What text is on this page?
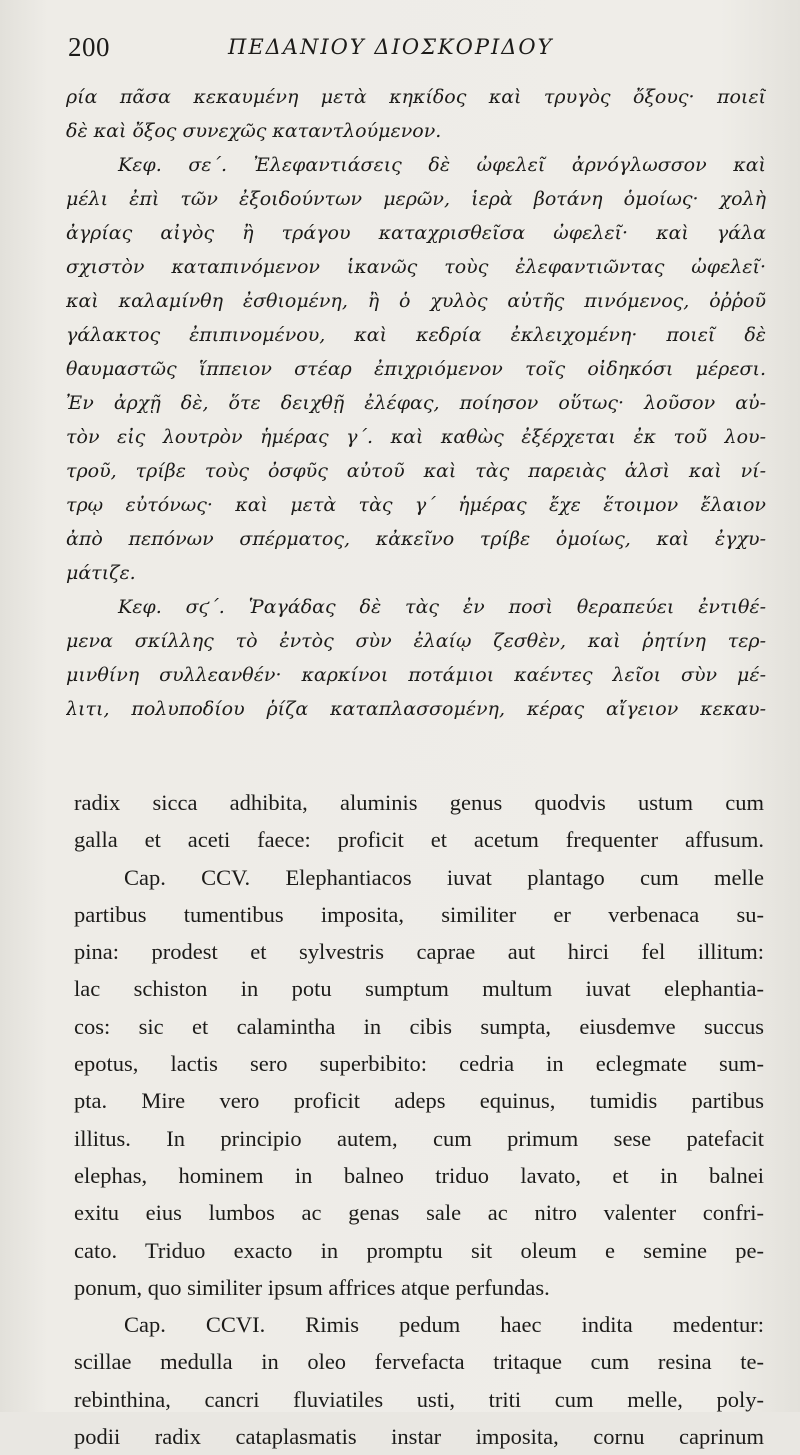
200	ΠΕΔΑΝΙΟΥ ΔΙΟΣΚΟΡΙΔΟΥ
ρία πᾶσα κεκαυμένη μετὰ κηκίδος καὶ τρυγὸς ὄξους· ποιεῖ
δὲ καὶ ὄξος συνεχῶς καταντλούμενον.
Κεφ. σε΄. Ἐλεφαντιάσεις δὲ ὠφελεῖ ἀρνόγλωσσον καὶ
μέλι ἐπὶ τῶν ἐξοιδούντων μερῶν, ἱερὰ βοτάνη ὁμοίως· χολὴ
ἀγρίας αἰγὸς ἢ τράγου καταχρισθεῖσα ὠφελεῖ· καὶ γάλα
σχιστὸν καταπινόμενον ἱκανῶς τοὺς ἐλεφαντιῶντας ὠφελεῖ·
καὶ καλαμίνθη ἐσθιομένη, ἢ ὁ χυλὸς αὐτῆς πινόμενος, ὀῤῥοῦ
γάλακτος ἐπιπινομένου, καὶ κεδρία ἐκλειχομένη· ποιεῖ δὲ
θαυμαστῶς ἵππειον στέαρ ἐπιχριόμενον τοῖς οἰδηκόσι μέρεσι.
Ἐν ἀρχῇ δὲ, ὅτε δειχθῇ ἐλέφας, ποίησον οὕτως· λοῦσον αὐ-
τὸν εἰς λουτρὸν ἡμέρας γ΄. καὶ καθὼς ἐξέρχεται ἐκ τοῦ λου-
τροῦ, τρίβε τοὺς ὀσφῦς αὐτοῦ καὶ τὰς παρειὰς ἁλσὶ καὶ νί-
τρῳ εὐτόνως· καὶ μετὰ τὰς γ΄ ἡμέρας ἔχε ἕτοιμον ἔλαιον
ἀπὸ πεπόνων σπέρματος, κἀκεῖνο τρίβε ὁμοίως, καὶ ἐγχυ-
μάτιζε.
Κεφ. σϛ΄. Ῥαγάδας δὲ τὰς ἐν ποσὶ θεραπεύει ἐντιθέ-
μενα σκίλλης τὸ ἐντὸς σὺν ἐλαίῳ ζεσθὲν, καὶ ῥητίνη τερ-
μινθίνη συλλεανθέν· καρκίνοι ποτάμιοι καέντες λεῖοι σὺν μέ-
λιτι, πολυποδίου ῥίζα καταπλασσομένη, κέρας αἴγειον κεκαυ-
radix sicca adhibita, aluminis genus quodvis ustum cum
galla et aceti faece: proficit et acetum frequenter affusum.
Cap. CCV. Elephantiacos iuvat plantago cum melle
partibus tumentibus imposita, similiter er verbenaca su-
pina: prodest et sylvestris caprae aut hirci fel illitum:
lac schiston in potu sumptum multum iuvat elephantia-
cos: sic et calamintha in cibis sumpta, eiusdemve succus
epotus, lactis sero superbibito: cedria in eclegmate sum-
pta. Mire vero proficit adeps equinus, tumidis partibus
illitus. In principio autem, cum primum sese patefacit
elephas, hominem in balneo triduo lavato, et in balnei
exitu eius lumbos ac genas sale ac nitro valenter confri-
cato. Triduo exacto in promptu sit oleum e semine pe-
ponum, quo similiter ipsum affrices atque perfundas.
Cap. CCVI. Rimis pedum haec indita medentur:
scillae medulla in oleo fervefacta tritaque cum resina te-
rebinthina, cancri fluviatiles usti, triti cum melle, poly-
podii radix cataplasmatis instar imposita, cornu caprinum
